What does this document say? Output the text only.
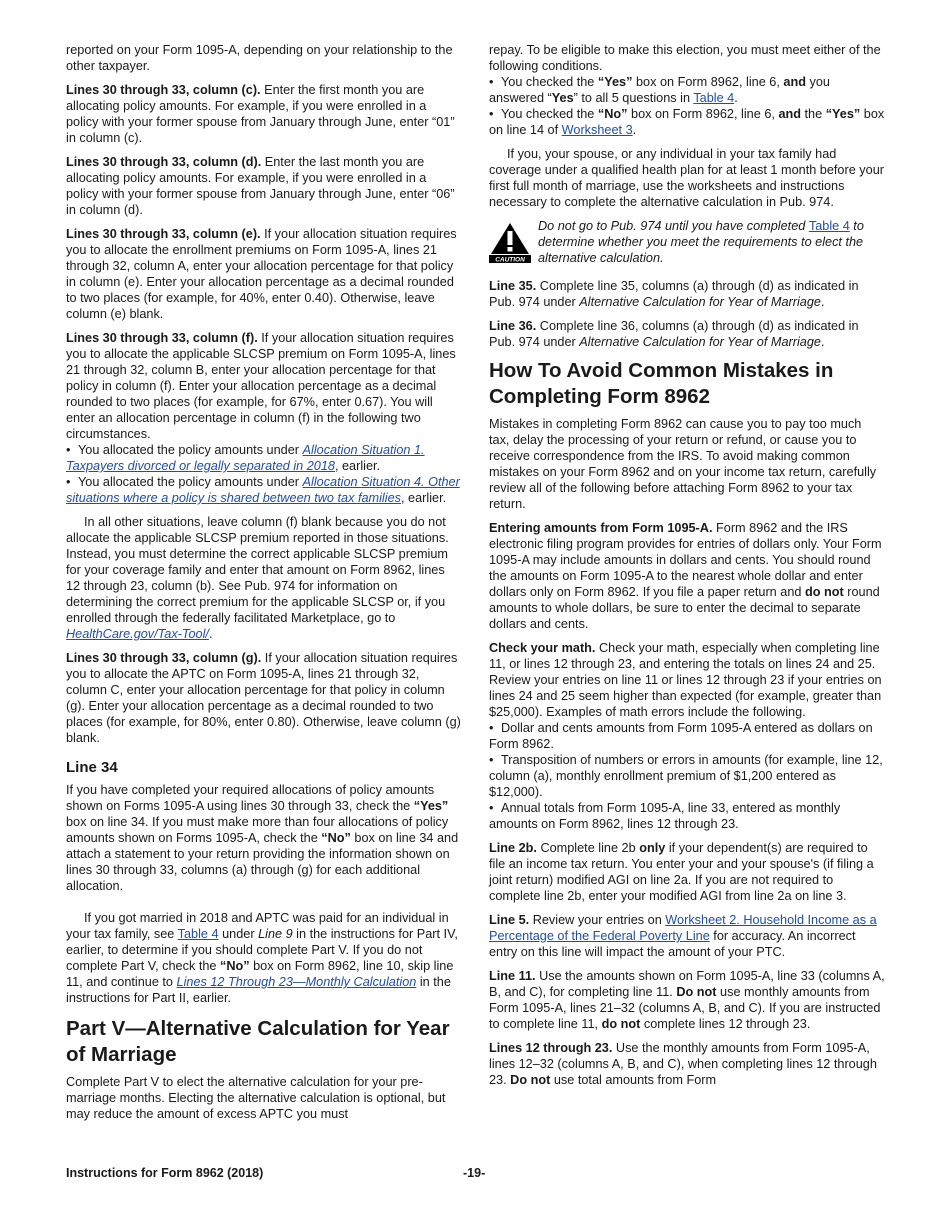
reported on your Form 1095-A, depending on your relationship to the other taxpayer.

Lines 30 through 33, column (c). Enter the first month you are allocating policy amounts. For example, if you were enrolled in a policy with your former spouse from January through June, enter “01” in column (c).

Lines 30 through 33, column (d). Enter the last month you are allocating policy amounts. For example, if you were enrolled in a policy with your former spouse from January through June, enter “06” in column (d).

Lines 30 through 33, column (e). If your allocation situation requires you to allocate the enrollment premiums on Form 1095-A, lines 21 through 32, column A, enter your allocation percentage for that policy in column (e). Enter your allocation percentage as a decimal rounded to two places (for example, for 40%, enter 0.40). Otherwise, leave column (e) blank.

Lines 30 through 33, column (f). If your allocation situation requires you to allocate the applicable SLCSP premium on Form 1095-A, lines 21 through 32, column B, enter your allocation percentage for that policy in column (f). Enter your allocation percentage as a decimal rounded to two places (for example, for 67%, enter 0.67). You will enter an allocation percentage in column (f) in the following two circumstances.

• You allocated the policy amounts under Allocation Situation 1. Taxpayers divorced or legally separated in 2018, earlier.

• You allocated the policy amounts under Allocation Situation 4. Other situations where a policy is shared between two tax families, earlier.

In all other situations, leave column (f) blank because you do not allocate the applicable SLCSP premium reported in those situations. Instead, you must determine the correct applicable SLCSP premium for your coverage family and enter that amount on Form 8962, lines 12 through 23, column (b). See Pub. 974 for information on determining the correct premium for the applicable SLCSP or, if you enrolled through the federally facilitated Marketplace, go to HealthCare.gov/Tax-Tool/.

Lines 30 through 33, column (g). If your allocation situation requires you to allocate the APTC on Form 1095-A, lines 21 through 32, column C, enter your allocation percentage for that policy in column (g). Enter your allocation percentage as a decimal rounded to two places (for example, for 80%, enter 0.80). Otherwise, leave column (g) blank.

Line 34

If you have completed your required allocations of policy amounts shown on Forms 1095-A using lines 30 through 33, check the “Yes” box on line 34. If you must make more than four allocations of policy amounts shown on Forms 1095-A, check the “No” box on line 34 and attach a statement to your return providing the information shown on lines 30 through 33, columns (a) through (g) for each additional allocation.

If you got married in 2018 and APTC was paid for an individual in your tax family, see Table 4 under Line 9 in the instructions for Part IV, earlier, to determine if you should complete Part V. If you do not complete Part V, check the “No” box on Form 8962, line 10, skip line 11, and continue to Lines 12 Through 23—Monthly Calculation in the instructions for Part II, earlier.

Part V—Alternative Calculation for Year of Marriage

Complete Part V to elect the alternative calculation for your pre-marriage months. Electing the alternative calculation is optional, but may reduce the amount of excess APTC you must

repay. To be eligible to make this election, you must meet either of the following conditions.

• You checked the “Yes” box on Form 8962, line 6, and you answered “Yes” to all 5 questions in Table 4.

• You checked the “No” box on Form 8962, line 6, and the “Yes” box on line 14 of Worksheet 3.

If you, your spouse, or any individual in your tax family had coverage under a qualified health plan for at least 1 month before your first full month of marriage, use the worksheets and instructions necessary to complete the alternative calculation in Pub. 974.

CAUTION
Do not go to Pub. 974 until you have completed Table 4 to determine whether you meet the requirements to elect the alternative calculation.

Line 35. Complete line 35, columns (a) through (d) as indicated in Pub. 974 under Alternative Calculation for Year of Marriage.

Line 36. Complete line 36, columns (a) through (d) as indicated in Pub. 974 under Alternative Calculation for Year of Marriage.

How To Avoid Common Mistakes in Completing Form 8962

Mistakes in completing Form 8962 can cause you to pay too much tax, delay the processing of your return or refund, or cause you to receive correspondence from the IRS. To avoid making common mistakes on your Form 8962 and on your income tax return, carefully review all of the following before attaching Form 8962 to your tax return.

Entering amounts from Form 1095-A. Form 8962 and the IRS electronic filing program provides for entries of dollars only. Your Form 1095-A may include amounts in dollars and cents. You should round the amounts on Form 1095-A to the nearest whole dollar and enter dollars only on Form 8962. If you file a paper return and do not round amounts to whole dollars, be sure to enter the decimal to separate dollars and cents.

Check your math. Check your math, especially when completing line 11, or lines 12 through 23, and entering the totals on lines 24 and 25. Review your entries on line 11 or lines 12 through 23 if your entries on lines 24 and 25 seem higher than expected (for example, greater than $25,000). Examples of math errors include the following.

• Dollar and cents amounts from Form 1095-A entered as dollars on Form 8962.

• Transposition of numbers or errors in amounts (for example, line 12, column (a), monthly enrollment premium of $1,200 entered as $12,000).

• Annual totals from Form 1095-A, line 33, entered as monthly amounts on Form 8962, lines 12 through 23.

Line 2b. Complete line 2b only if your dependent(s) are required to file an income tax return. You enter your and your spouse's (if filing a joint return) modified AGI on line 2a. If you are not required to complete line 2b, enter your modified AGI from line 2a on line 3.

Line 5. Review your entries on Worksheet 2. Household Income as a Percentage of the Federal Poverty Line for accuracy. An incorrect entry on this line will impact the amount of your PTC.

Line 11. Use the amounts shown on Form 1095-A, line 33 (columns A, B, and C), for completing line 11. Do not use monthly amounts from Form 1095-A, lines 21–32 (columns A, B, and C). If you are instructed to complete line 11, do not complete lines 12 through 23.

Lines 12 through 23. Use the monthly amounts from Form 1095-A, lines 12–32 (columns A, B, and C), when completing lines 12 through 23. Do not use total amounts from Form

Instructions for Form 8962 (2018)	-19-
